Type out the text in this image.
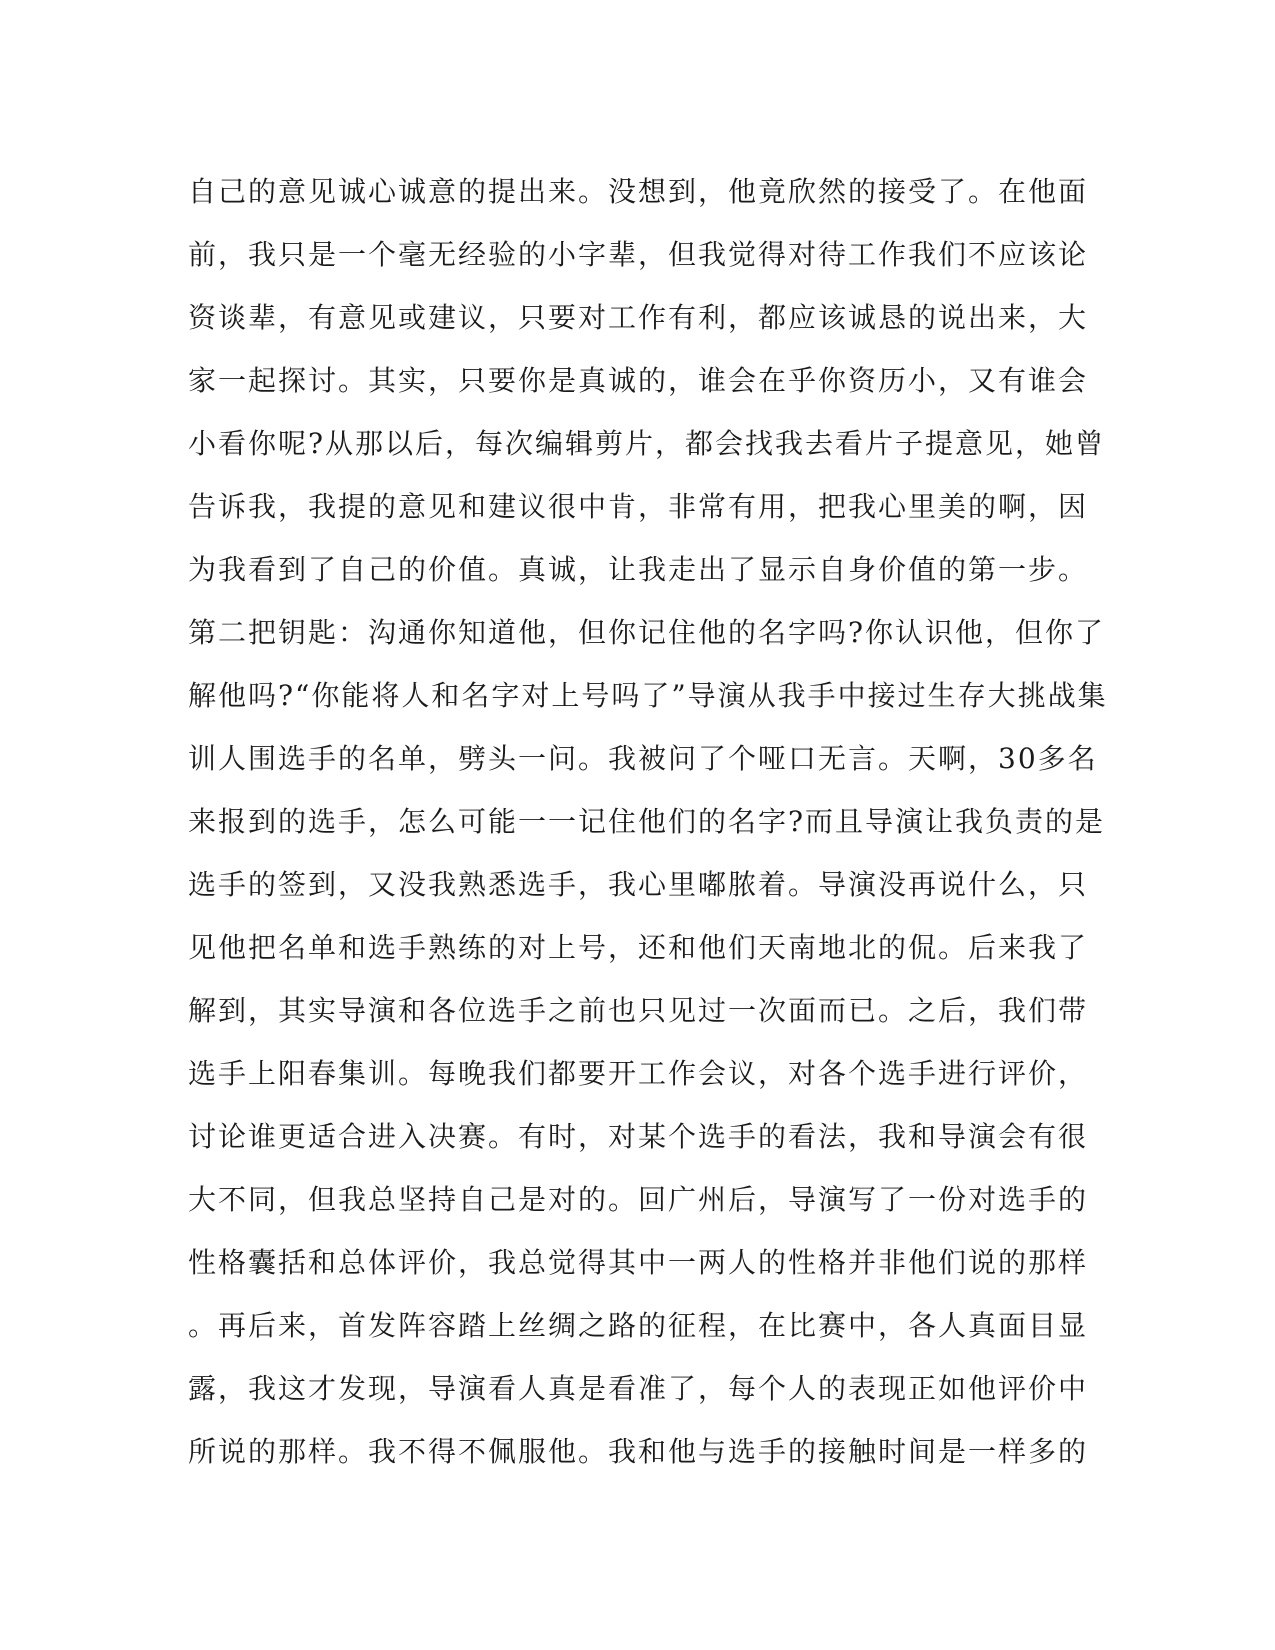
自己的意见诚心诚意的提出来。没想到，他竟欣然的接受了。在他面
前，我只是一个毫无经验的小字辈，但我觉得对待工作我们不应该论
资谈辈，有意见或建议，只要对工作有利，都应该诚恳的说出来，大
家一起探讨。其实，只要你是真诚的，谁会在乎你资历小，又有谁会
小看你呢?从那以后，每次编辑剪片，都会找我去看片子提意见，她曾
告诉我，我提的意见和建议很中肯，非常有用，把我心里美的啊，因
为我看到了自己的价值。真诚，让我走出了显示自身价值的第一步。
第二把钥匙：沟通你知道他，但你记住他的名字吗?你认识他，但你了
解他吗?“你能将人和名字对上号吗了”导演从我手中接过生存大挑战集
训人围选手的名单，劈头一问。我被问了个哑口无言。天啊，30多名
来报到的选手，怎么可能一一记住他们的名字?而且导演让我负责的是
选手的签到，又没我熟悉选手，我心里嘟脓着。导演没再说什么，只
见他把名单和选手熟练的对上号，还和他们天南地北的侃。后来我了
解到，其实导演和各位选手之前也只见过一次面而已。之后，我们带
选手上阳春集训。每晚我们都要开工作会议，对各个选手进行评价，
讨论谁更适合进入决赛。有时，对某个选手的看法，我和导演会有很
大不同，但我总坚持自己是对的。回广州后，导演写了一份对选手的
性格囊括和总体评价，我总觉得其中一两人的性格并非他们说的那样
。再后来，首发阵容踏上丝绸之路的征程，在比赛中，各人真面目显
露，我这才发现，导演看人真是看准了，每个人的表现正如他评价中
所说的那样。我不得不佩服他。我和他与选手的接触时间是一样多的
